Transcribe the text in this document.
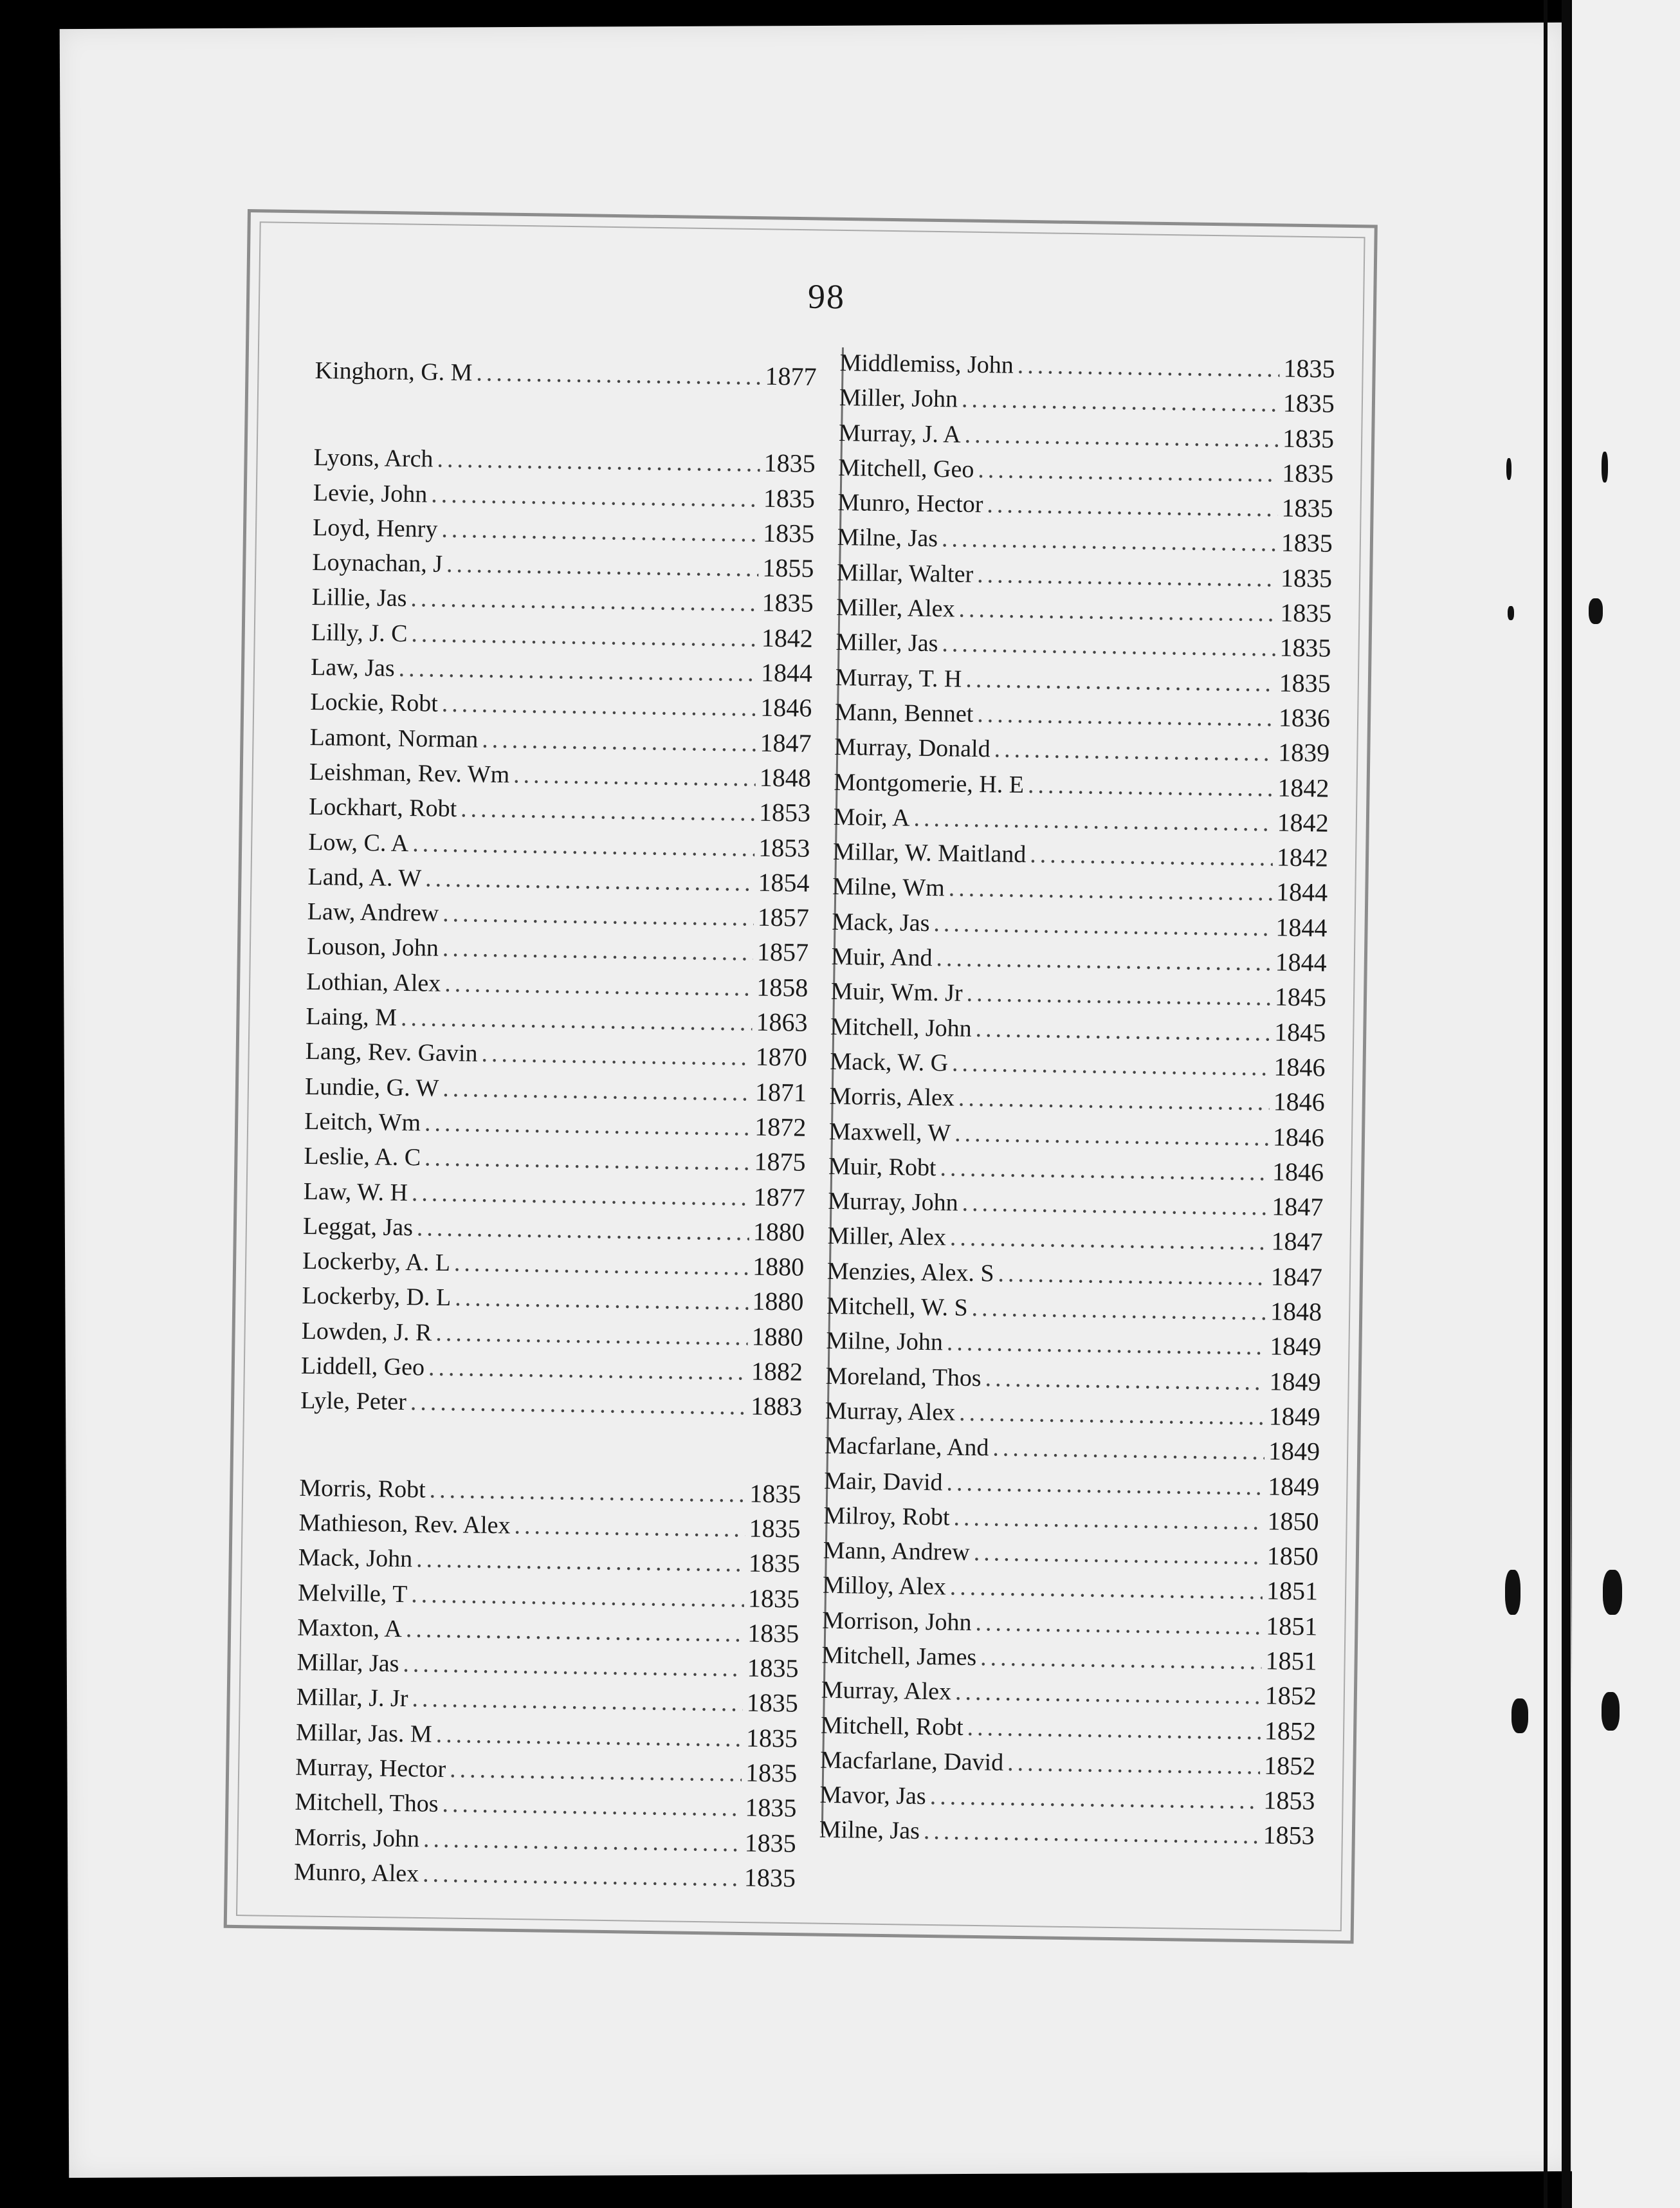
98
Kinghorn, G. M .....	1877
Lyons, Arch .....	1835
Levie, John .....	1835
Loyd, Henry .....	1835
Loynachan, J .....	1855
Lillie, Jas .....	1835
Lilly, J. C .....	1842
Law, Jas .....	1844
Lockie, Robt .....	1846
Lamont, Norman .....	1847
Leishman, Rev. Wm .....	1848
Lockhart, Robt .....	1853
Low, C. A .....	1853
Land, A. W .....	1854
Law, Andrew .....	1857
Louson, John .....	1857
Lothian, Alex .....	1858
Laing, M .....	1863
Lang, Rev. Gavin .....	1870
Lundie, G. W .....	1871
Leitch, Wm .....	1872
Leslie, A. C .....	1875
Law, W. H .....	1877
Leggat, Jas .....	1880
Lockerby, A. L .....	1880
Lockerby, D. L .....	1880
Lowden, J. R .....	1880
Liddell, Geo .....	1882
Lyle, Peter .....	1883
Morris, Robt .....	1835
Mathieson, Rev. Alex .....	1835
Mack, John .....	1835
Melville, T .....	1835
Maxton, A .....	1835
Millar, Jas .....	1835
Millar, J. Jr .....	1835
Millar, Jas. M .....	1835
Murray, Hector .....	1835
Mitchell, Thos .....	1835
Morris, John .....	1835
Munro, Alex .....	1835
Middlemiss, John .....	1835
Miller, John .....	1835
Murray, J. A .....	1835
Mitchell, Geo .....	1835
Munro, Hector .....	1835
Milne, Jas .....	1835
Millar, Walter .....	1835
Miller, Alex .....	1835
Miller, Jas .....	1835
Murray, T. H .....	1835
Mann, Bennet .....	1836
Murray, Donald .....	1839
Montgomerie, H. E .....	1842
Moir, A .....	1842
Millar, W. Maitland .....	1842
Milne, Wm .....	1844
Mack, Jas .....	1844
Muir, And .....	1844
Muir, Wm. Jr .....	1845
Mitchell, John .....	1845
Mack, W. G .....	1846
Morris, Alex .....	1846
Maxwell, W .....	1846
Muir, Robt .....	1846
Murray, John .....	1847
Miller, Alex .....	1847
Menzies, Alex. S .....	1847
Mitchell, W. S .....	1848
Milne, John .....	1849
Moreland, Thos .....	1849
Murray, Alex .....	1849
Macfarlane, And .....	1849
Mair, David .....	1849
Milroy, Robt .....	1850
Mann, Andrew .....	1850
Milloy, Alex .....	1851
Morrison, John .....	1851
Mitchell, James .....	1851
Murray, Alex .....	1852
Mitchell, Robt .....	1852
Macfarlane, David .....	1852
Mavor, Jas .....	1853
Milne, Jas .....	1853
